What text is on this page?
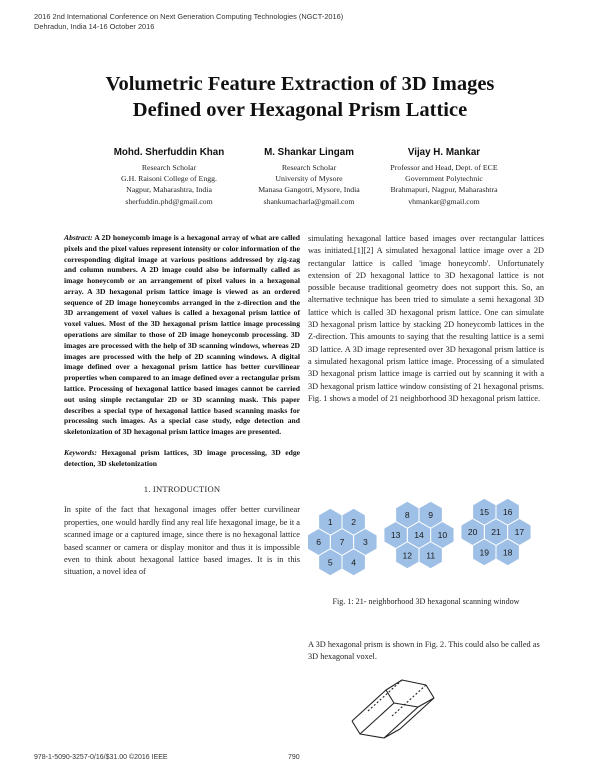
2016 2nd International Conference on Next Generation Computing Technologies (NGCT-2016)
Dehradun, India 14-16 October 2016
Volumetric Feature Extraction of 3D Images
Defined over Hexagonal Prism Lattice
Mohd. Sherfuddin Khan
Research Scholar
G.H. Raisoni College of Engg.
Nagpur, Maharashtra, India
sherfuddin.phd@gmail.com
M. Shankar Lingam
Research Scholar
University of Mysore
Manasa Gangotri, Mysore, India
shankumacharla@gmail.com
Vijay H. Mankar
Professor and Head, Dept. of ECE
Government Polytechnic
Brahmapuri, Nagpur, Maharashtra
vhmankar@gmail.com

Abstract: A 2D honeycomb image is a hexagonal array of what are called pixels and the pixel values represent intensity or color information of the corresponding digital image at various positions addressed by zig-zag and column numbers. A 2D image could also be informally called as image honeycomb or an arrangement of pixel values in a hexagonal array. A 3D hexagonal prism lattice image is viewed as an ordered sequence of 2D image honeycombs arranged in the z-direction and the 3D arrangement of voxel values is called a hexagonal prism lattice of voxel values. Most of the 3D hexagonal prism lattice image processing operations are similar to those of 2D image honeycomb processing. 3D images are processed with the help of 3D scanning windows, whereas 2D images are processed with the help of 2D scanning windows. A digital image defined over a hexagonal prism lattice has better curvilinear properties when compared to an image defined over a rectangular prism lattice. Processing of hexagonal lattice based images cannot be carried out using simple rectangular 2D or 3D scanning mask. This paper describes a special type of hexagonal lattice based scanning masks for processing such images. As a special case study, edge detection and skeletonization of 3D hexagonal prism lattice images are presented.

Keywords: Hexagonal prism lattices, 3D image processing, 3D edge detection, 3D skeletonization

1. INTRODUCTION

In spite of the fact that hexagonal images offer better curvilinear properties, one would hardly find any real life hexagonal image, be it a scanned image or a captured image, since there is no hexagonal lattice based scanner or camera or display monitor and thus it is impossible even to think about hexagonal lattice based images. It is in this situation, a novel idea of

simulating hexagonal lattice based images over rectangular lattices was initiated.[1][2] A simulated hexagonal lattice image over a 2D rectangular lattice is called 'image honeycomb'. Unfortunately extension of 2D hexagonal lattice to 3D hexagonal lattice is not possible because traditional geometry does not support this. So, an alternative technique has been tried to simulate a semi hexagonal 3D lattice which is called 3D hexagonal prism lattice. One can simulate 3D hexagonal prism lattice by stacking 2D honeycomb lattices in the Z-direction. This amounts to saying that the resulting lattice is a semi 3D lattice. A 3D image represented over 3D hexagonal prism lattice is a simulated hexagonal prism lattice image. Processing of a simulated 3D hexagonal prism lattice image is carried out by scanning it with a 3D hexagonal prism lattice window consisting of 21 hexagonal prisms. Fig. 1 shows a model of 21 neighborhood 3D hexagonal prism lattice.

7
1 2
3
4
5
6
14
8 9
10
11
12
13	21
15 16
17
18
19
20
Fig. 1: 21- neighborhood 3D hexagonal scanning window
A 3D hexagonal prism is shown in Fig. 2. This could also be called as 3D hexagonal voxel.
978-1-5090-3257-0/16/$31.00 ©2016 IEEE	790
